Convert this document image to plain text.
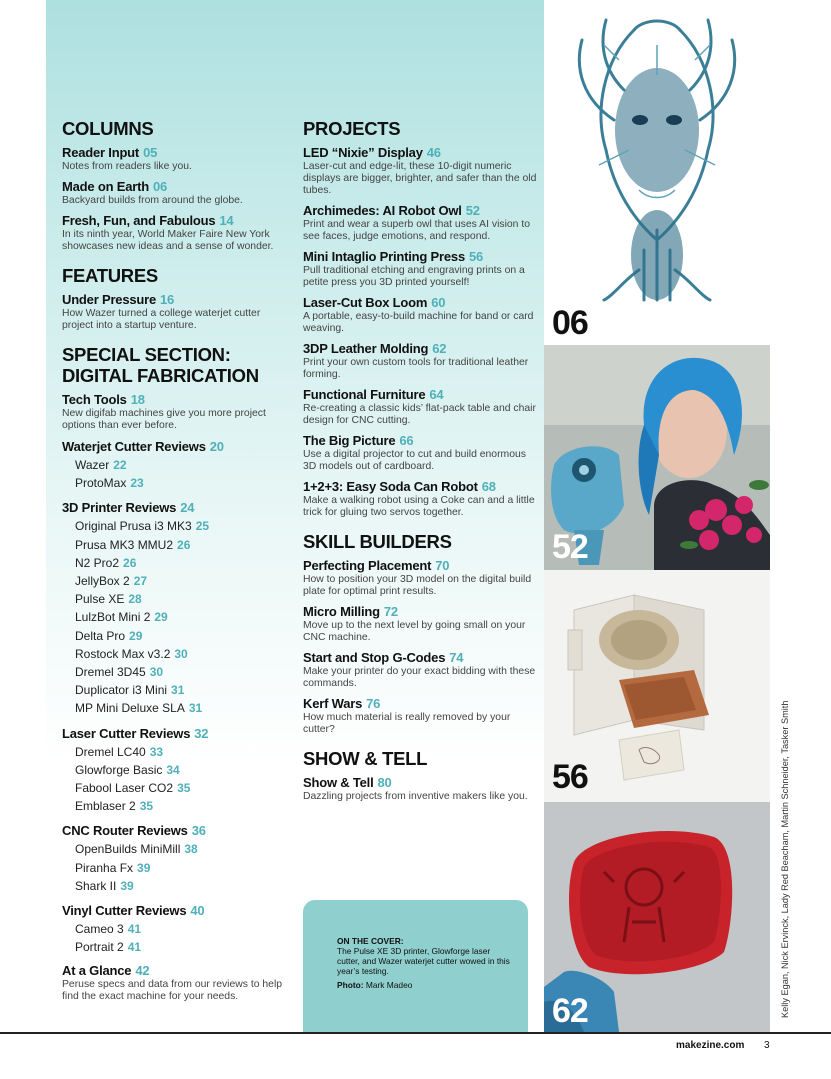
COLUMNS
Reader Input 05
Notes from readers like you.
Made on Earth 06
Backyard builds from around the globe.
Fresh, Fun, and Fabulous 14
In its ninth year, World Maker Faire New York showcases new ideas and a sense of wonder.
FEATURES
Under Pressure 16
How Wazer turned a college waterjet cutter project into a startup venture.
SPECIAL SECTION:
DIGITAL FABRICATION
Tech Tools 18
New digifab machines give you more project options than ever before.
Waterjet Cutter Reviews 20
Wazer 22
ProtoMax 23
3D Printer Reviews 24
Original Prusa i3 MK3 25
Prusa MK3 MMU2 26
N2 Pro2 26
JellyBox 2 27
Pulse XE 28
LulzBot Mini 2 29
Delta Pro 29
Rostock Max v3.2 30
Dremel 3D45 30
Duplicator i3 Mini 31
MP Mini Deluxe SLA 31
Laser Cutter Reviews 32
Dremel LC40 33
Glowforge Basic 34
Fabool Laser CO2 35
Emblaser 2 35
CNC Router Reviews 36
OpenBuilds MiniMill 38
Piranha Fx 39
Shark II 39
Vinyl Cutter Reviews 40
Cameo 3 41
Portrait 2 41
At a Glance 42
Peruse specs and data from our reviews to help find the exact machine for your needs.
PROJECTS
LED “Nixie” Display 46
Laser-cut and edge-lit, these 10-digit numeric displays are bigger, brighter, and safer than the old tubes.
Archimedes: AI Robot Owl 52
Print and wear a superb owl that uses AI vision to see faces, judge emotions, and respond.
Mini Intaglio Printing Press 56
Pull traditional etching and engraving prints on a petite press you 3D printed yourself!
Laser-Cut Box Loom 60
A portable, easy-to-build machine for band or card weaving.
3DP Leather Molding 62
Print your own custom tools for traditional leather forming.
Functional Furniture 64
Re-creating a classic kids’ flat-pack table and chair design for CNC cutting.
The Big Picture 66
Use a digital projector to cut and build enormous 3D models out of cardboard.
1+2+3: Easy Soda Can Robot 68
Make a walking robot using a Coke can and a little trick for gluing two servos together.
SKILL BUILDERS
Perfecting Placement 70
How to position your 3D model on the digital build plate for optimal print results.
Micro Milling 72
Move up to the next level by going small on your CNC machine.
Start and Stop G-Codes 74
Make your printer do your exact bidding with these commands.
Kerf Wars 76
How much material is really removed by your cutter?
SHOW & TELL
Show & Tell 80
Dazzling projects from inventive makers like you.
ON THE COVER:
The Pulse XE 3D printer, Glowforge laser cutter, and Wazer waterjet cutter wowed in this year’s testing.
Photo: Mark Madeo
06
52
56
62	Kelly Egan, Nick Ervinck, Lady Red Beacham, Martin Schneider, Tasker Smith
makezine.com 3
